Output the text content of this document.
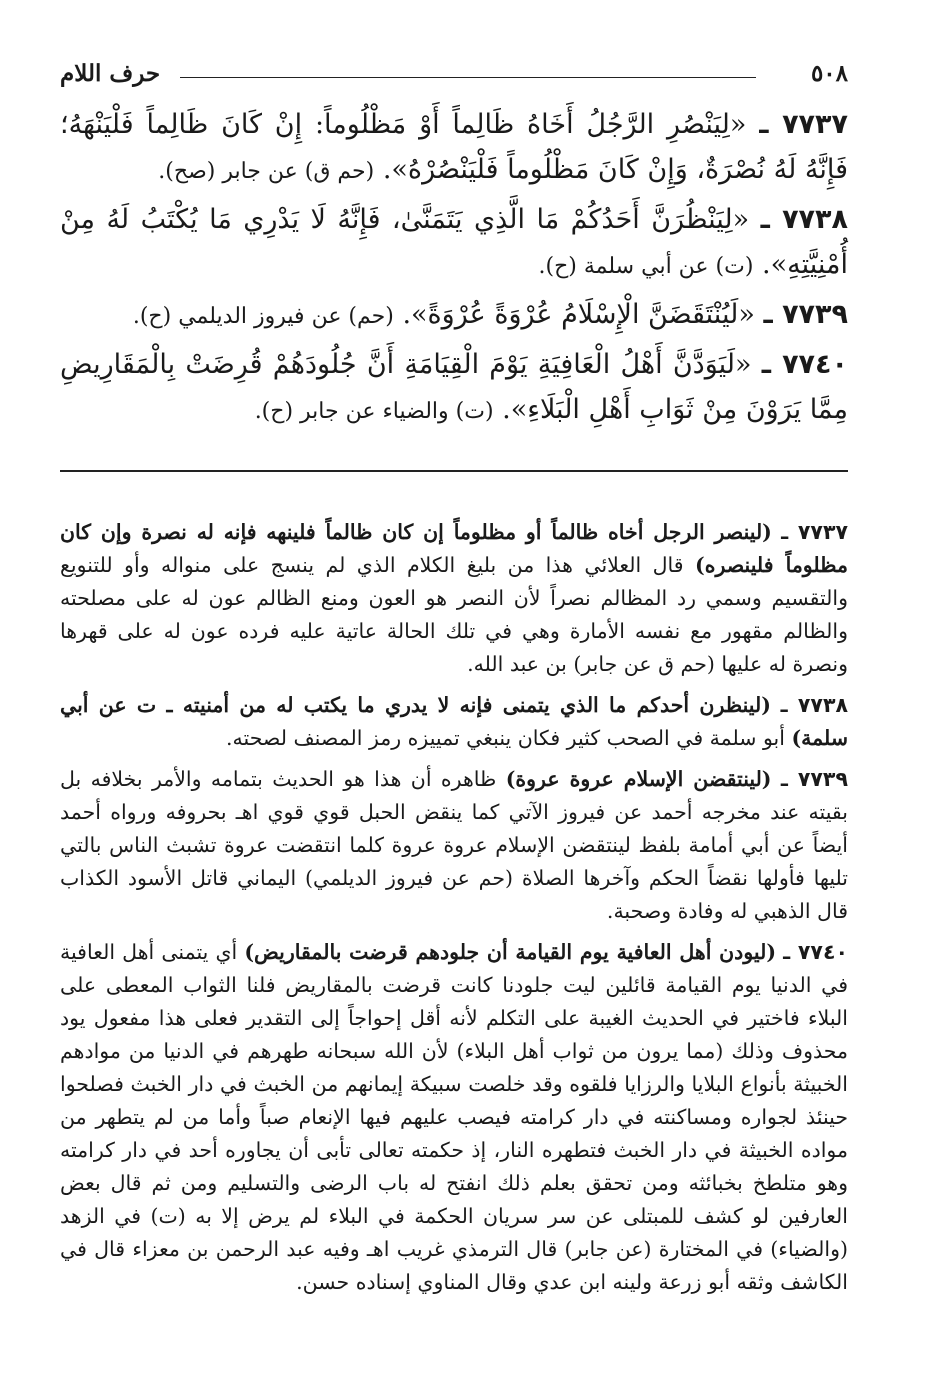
٥٠٨
حرف اللام

٧٧٣٧ ـ «لِيَنْصُرِ الرَّجُلُ أَخَاهُ ظَالِماً أَوْ مَظْلُوماً: إِنْ كَانَ ظَالِماً فَلْيَنْهَهُ؛ فَإِنَّهُ لَهُ نُصْرَةٌ، وَإِنْ كَانَ مَظْلُوماً فَلْيَنْصُرْهُ». (حم ق) عن جابر (صح).

٧٧٣٨ ـ «لِيَنْظُرَنَّ أَحَدُكُمْ مَا الَّذِي يَتَمَنَّىٰ، فَإِنَّهُ لَا يَدْرِي مَا يُكْتَبُ لَهُ مِنْ أُمْنِيَّتِهِ». (ت) عن أبي سلمة (ح).

٧٧٣٩ ـ «لَيُنْتَقَضَنَّ الْإِسْلَامُ عُرْوَةً عُرْوَةً». (حم) عن فيروز الديلمي (ح).

٧٧٤٠ ـ «لَيَوَدَّنَّ أَهْلُ الْعَافِيَةِ يَوْمَ الْقِيَامَةِ أَنَّ جُلُودَهُمْ قُرِضَتْ بِالْمَقَارِيضِ مِمَّا يَرَوْنَ مِنْ ثَوَابِ أَهْلِ الْبَلَاءِ». (ت) والضياء عن جابر (ح).

٧٧٣٧ ـ (لينصر الرجل أخاه ظالماً أو مظلوماً إن كان ظالماً فلينهه فإنه له نصرة وإن كان مظلوماً فلينصره) قال العلائي هذا من بليغ الكلام الذي لم ينسج على منواله وأو للتنويع والتقسيم وسمي رد المظالم نصراً لأن النصر هو العون ومنع الظالم عون له على مصلحته والظالم مقهور مع نفسه الأمارة وهي في تلك الحالة عاتية عليه فرده عون له على قهرها ونصرة له عليها (حم ق عن جابر) بن عبد الله.

٧٧٣٨ ـ (لينظرن أحدكم ما الذي يتمنى فإنه لا يدري ما يكتب له من أمنيته ـ ت عن أبي سلمة) أبو سلمة في الصحب كثير فكان ينبغي تمييزه رمز المصنف لصحته.

٧٧٣٩ ـ (لينتقضن الإسلام عروة عروة) ظاهره أن هذا هو الحديث بتمامه والأمر بخلافه بل بقيته عند مخرجه أحمد عن فيروز الآتي كما ينقض الحبل قوي قوي اهـ بحروفه ورواه أحمد أيضاً عن أبي أمامة بلفظ لينتقضن الإسلام عروة عروة كلما انتقضت عروة تشبث الناس بالتي تليها فأولها نقضاً الحكم وآخرها الصلاة (حم عن فيروز الديلمي) اليماني قاتل الأسود الكذاب قال الذهبي له وفادة وصحبة.

٧٧٤٠ ـ (ليودن أهل العافية يوم القيامة أن جلودهم قرضت بالمقاريض) أي يتمنى أهل العافية في الدنيا يوم القيامة قائلين ليت جلودنا كانت قرضت بالمقاريض فلنا الثواب المعطى على البلاء فاختير في الحديث الغيبة على التكلم لأنه أقل إحواجاً إلى التقدير فعلى هذا مفعول يود محذوف وذلك (مما يرون من ثواب أهل البلاء) لأن الله سبحانه طهرهم في الدنيا من موادهم الخبيثة بأنواع البلايا والرزايا فلقوه وقد خلصت سبيكة إيمانهم من الخبث في دار الخبث فصلحوا حينئذ لجواره ومساكنته في دار كرامته فيصب عليهم فيها الإنعام صباً وأما من لم يتطهر من مواده الخبيثة في دار الخبث فتطهره النار، إذ حكمته تعالى تأبى أن يجاوره أحد في دار كرامته وهو متلطخ بخبائثه ومن تحقق بعلم ذلك انفتح له باب الرضى والتسليم ومن ثم قال بعض العارفين لو كشف للمبتلى عن سر سريان الحكمة في البلاء لم يرض إلا به (ت) في الزهد (والضياء) في المختارة (عن جابر) قال الترمذي غريب اهـ وفيه عبد الرحمن بن معزاء قال في الكاشف وثقه أبو زرعة ولينه ابن عدي وقال المناوي إسناده حسن.
